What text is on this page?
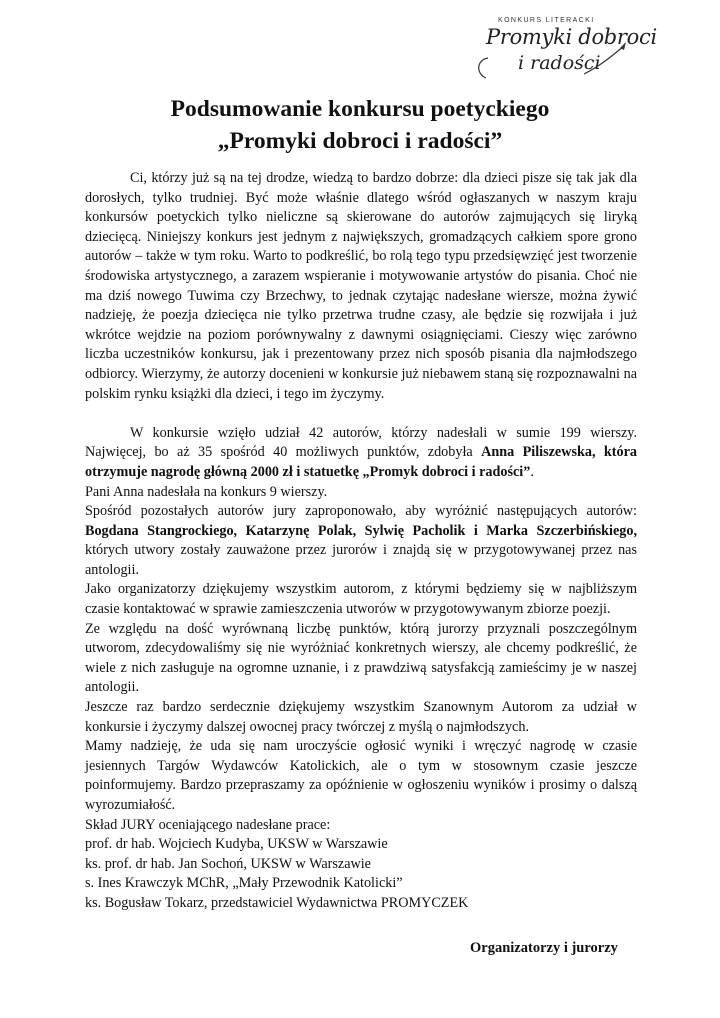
KONKURS LITERACKI
Promyki dobroci
i radości
Podsumowanie konkursu poetyckiego
„Promyki dobroci i radości”

Ci, którzy już są na tej drodze, wiedzą to bardzo dobrze: dla dzieci pisze się tak jak dla dorosłych, tylko trudniej. Być może właśnie dlatego wśród ogłaszanych w naszym kraju konkursów poetyckich tylko nieliczne są skierowane do autorów zajmujących się liryką dziecięcą. Niniejszy konkurs jest jednym z największych, gromadzących całkiem spore grono autorów – także w tym roku. Warto to podkreślić, bo rolą tego typu przedsięwzięć jest tworzenie środowiska artystycznego, a zarazem wspieranie i motywowanie artystów do pisania. Choć nie ma dziś nowego Tuwima czy Brzechwy, to jednak czytając nadesłane wiersze, można żywić nadzieję, że poezja dziecięca nie tylko przetrwa trudne czasy, ale będzie się rozwijała i już wkrótce wejdzie na poziom porównywalny z dawnymi osiągnięciami. Cieszy więc zarówno liczba uczestników konkursu, jak i prezentowany przez nich sposób pisania dla najmłodszego odbiorcy. Wierzymy, że autorzy docenieni w konkursie już niebawem staną się rozpoznawalni na polskim rynku książki dla dzieci, i tego im życzymy.

W konkursie wzięło udział 42 autorów, którzy nadesłali w sumie 199 wierszy. Najwięcej, bo aż 35 spośród 40 możliwych punktów, zdobyła Anna Piliszewska, która otrzymuje nagrodę główną 2000 zł i statuetkę „Promyk dobroci i radości”.

Pani Anna nadesłała na konkurs 9 wierszy.

Spośród pozostałych autorów jury zaproponowało, aby wyróżnić następujących autorów: Bogdana Stangrockiego, Katarzynę Polak, Sylwię Pacholik i Marka Szczerbińskiego, których utwory zostały zauważone przez jurorów i znajdą się w przygotowywanej przez nas antologii.

Jako organizatorzy dziękujemy wszystkim autorom, z którymi będziemy się w najbliższym czasie kontaktować w sprawie zamieszczenia utworów w przygotowywanym zbiorze poezji.

Ze względu na dość wyrównaną liczbę punktów, którą jurorzy przyznali poszczególnym utworom, zdecydowaliśmy się nie wyróżniać konkretnych wierszy, ale chcemy podkreślić, że wiele z nich zasługuje na ogromne uznanie, i z prawdziwą satysfakcją zamieścimy je w naszej antologii.

Jeszcze raz bardzo serdecznie dziękujemy wszystkim Szanownym Autorom za udział w konkursie i życzymy dalszej owocnej pracy twórczej z myślą o najmłodszych.

Mamy nadzieję, że uda się nam uroczyście ogłosić wyniki i wręczyć nagrodę w czasie jesiennych Targów Wydawców Katolickich, ale o tym w stosownym czasie jeszcze poinformujemy. Bardzo przepraszamy za opóźnienie w ogłoszeniu wyników i prosimy o dalszą wyrozumiałość.

Skład JURY oceniającego nadesłane prace:

prof. dr hab. Wojciech Kudyba, UKSW w Warszawie

ks. prof. dr hab. Jan Sochoń, UKSW w Warszawie

s. Ines Krawczyk MChR, „Mały Przewodnik Katolicki”

ks. Bogusław Tokarz, przedstawiciel Wydawnictwa PROMYCZEK

Organizatorzy i jurorzy
